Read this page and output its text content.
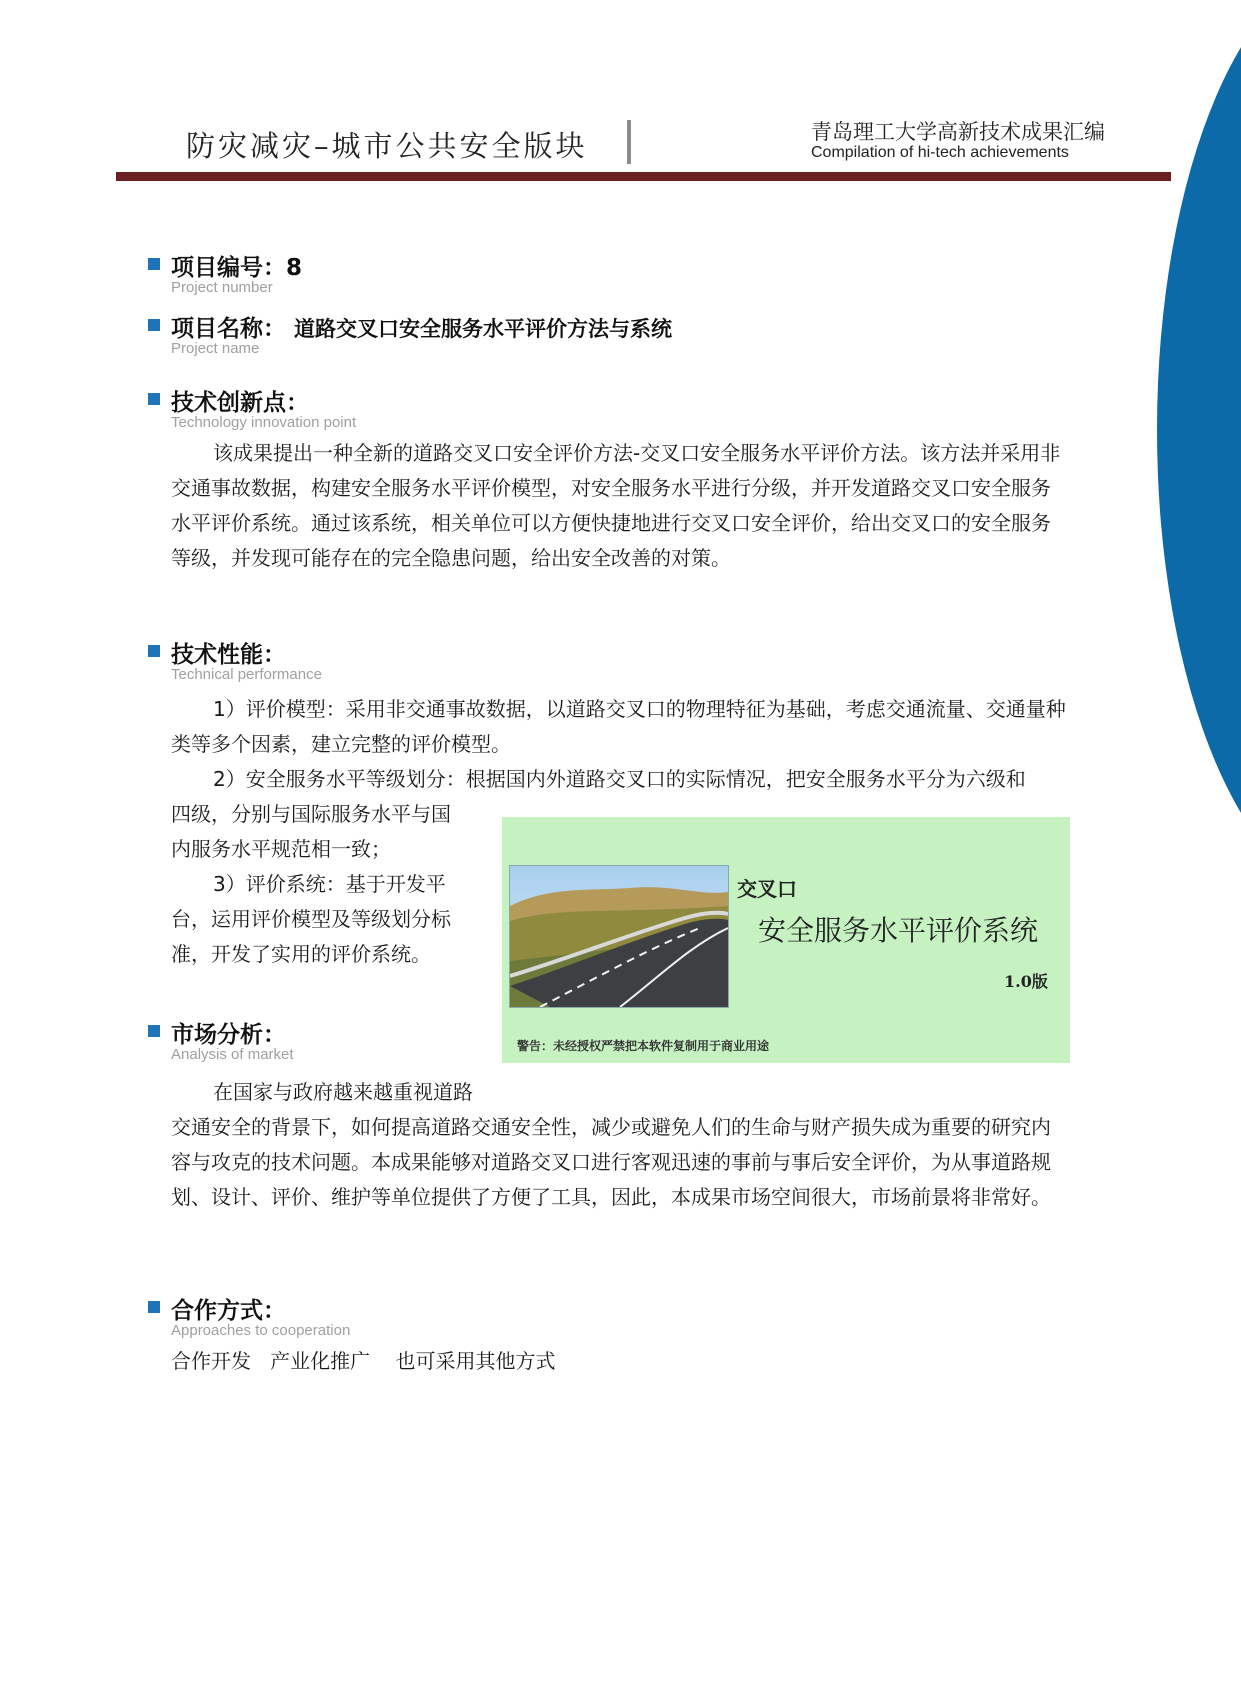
防灾减灾–城市公共安全版块	青岛理工大学高新技术成果汇编
Compilation of hi-tech achievements
项目编号：8
Project number
项目名称： 道路交叉口安全服务水平评价方法与系统
Project name
技术创新点：
Technology innovation point
该成果提出一种全新的道路交叉口安全评价方法-交叉口安全服务水平评价方法。该方法并采用非交通事故数据，构建安全服务水平评价模型，对安全服务水平进行分级，并开发道路交叉口安全服务水平评价系统。通过该系统，相关单位可以方便快捷地进行交叉口安全评价，给出交叉口的安全服务等级，并发现可能存在的完全隐患问题，给出安全改善的对策。
技术性能：
Technical performance
1）评价模型：采用非交通事故数据，以道路交叉口的物理特征为基础，考虑交通流量、交通量种类等多个因素，建立完整的评价模型。
2）安全服务水平等级划分：根据国内外道路交叉口的实际情况，把安全服务水平分为六级和
四级，分别与国际服务水平与国
内服务水平规范相一致；
3）评价系统：基于开发平
台，运用评价模型及等级划分标
准，开发了实用的评价系统。
交叉口
安全服务水平评价系统
1.0版
警告：未经授权严禁把本软件复制用于商业用途
市场分析：
Analysis of market
在国家与政府越来越重视道路
交通安全的背景下，如何提高道路交通安全性，减少或避免人们的生命与财产损失成为重要的研究内容与攻克的技术问题。本成果能够对道路交叉口进行客观迅速的事前与事后安全评价，为从事道路规划、设计、评价、维护等单位提供了方便了工具，因此，本成果市场空间很大，市场前景将非常好。
合作方式：
Approaches to cooperation
合作开发   产业化推广    也可采用其他方式
